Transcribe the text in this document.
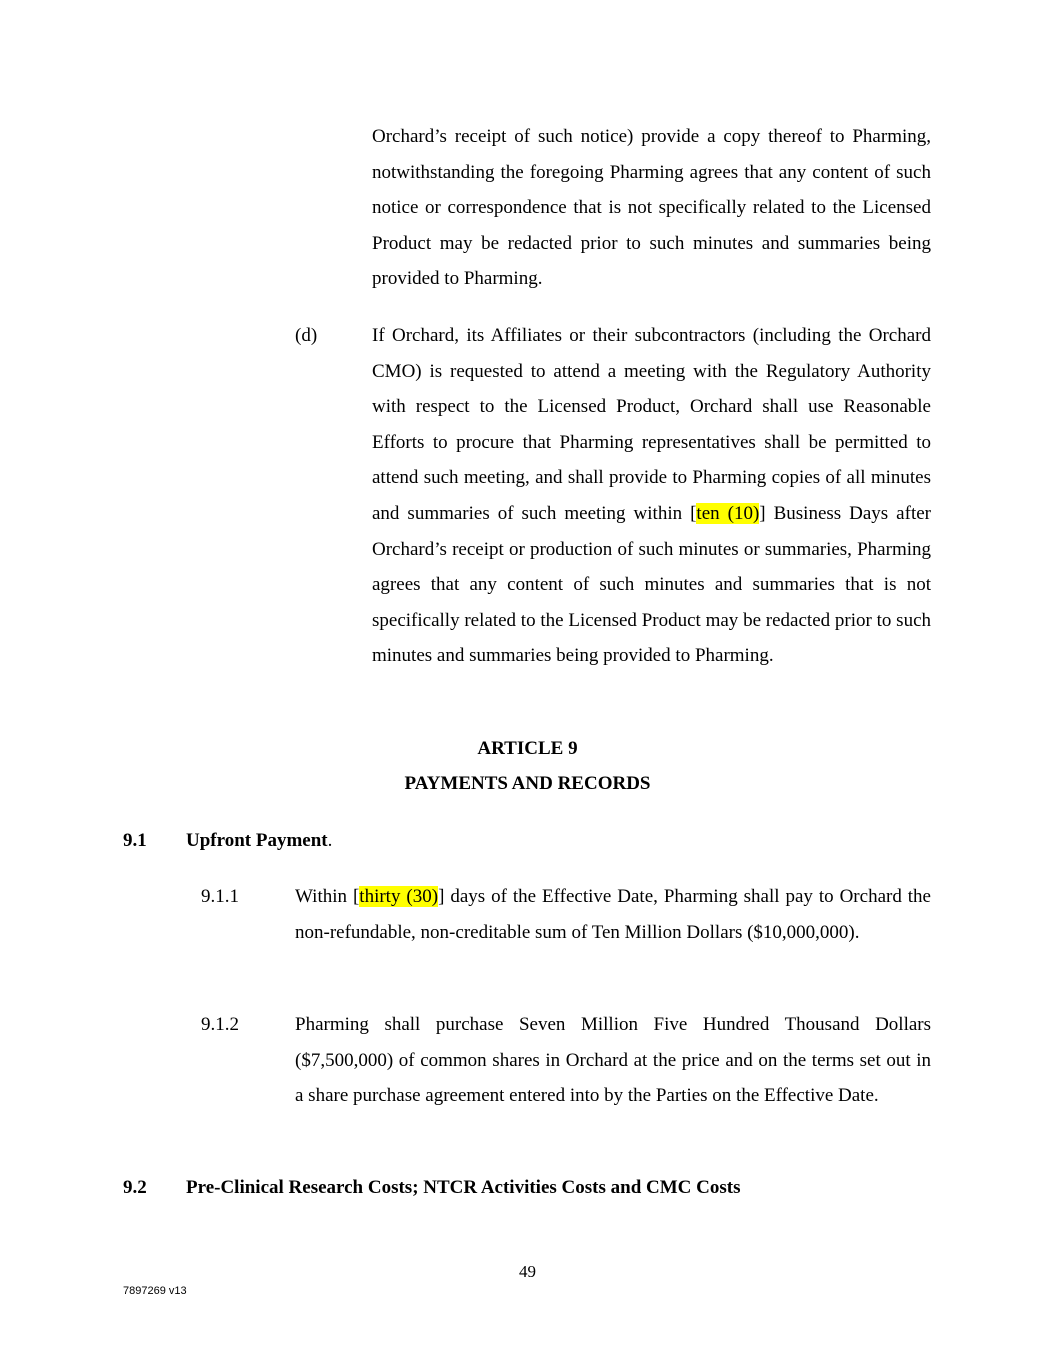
Orchard’s receipt of such notice) provide a copy thereof to Pharming, notwithstanding the foregoing Pharming agrees that any content of such notice or correspondence that is not specifically related to the Licensed Product may be redacted prior to such minutes and summaries being provided to Pharming.

(d)	If Orchard, its Affiliates or their subcontractors (including the Orchard CMO) is requested to attend a meeting with the Regulatory Authority with respect to the Licensed Product, Orchard shall use Reasonable Efforts to procure that Pharming representatives shall be permitted to attend such meeting, and shall provide to Pharming copies of all minutes and summaries of such meeting within [ten (10)] Business Days after Orchard’s receipt or production of such minutes or summaries, Pharming agrees that any content of such minutes and summaries that is not specifically related to the Licensed Product may be redacted prior to such minutes and summaries being provided to Pharming.

ARTICLE 9
PAYMENTS AND RECORDS
9.1 Upfront Payment.
9.1.1	Within [thirty (30)] days of the Effective Date, Pharming shall pay to Orchard the non-refundable, non-creditable sum of Ten Million Dollars ($10,000,000).

9.1.2	Pharming shall purchase Seven Million Five Hundred Thousand Dollars ($7,500,000) of common shares in Orchard at the price and on the terms set out in a share purchase agreement entered into by the Parties on the Effective Date.

9.2 Pre-Clinical Research Costs; NTCR Activities Costs and CMC Costs
49
7897269 v13
